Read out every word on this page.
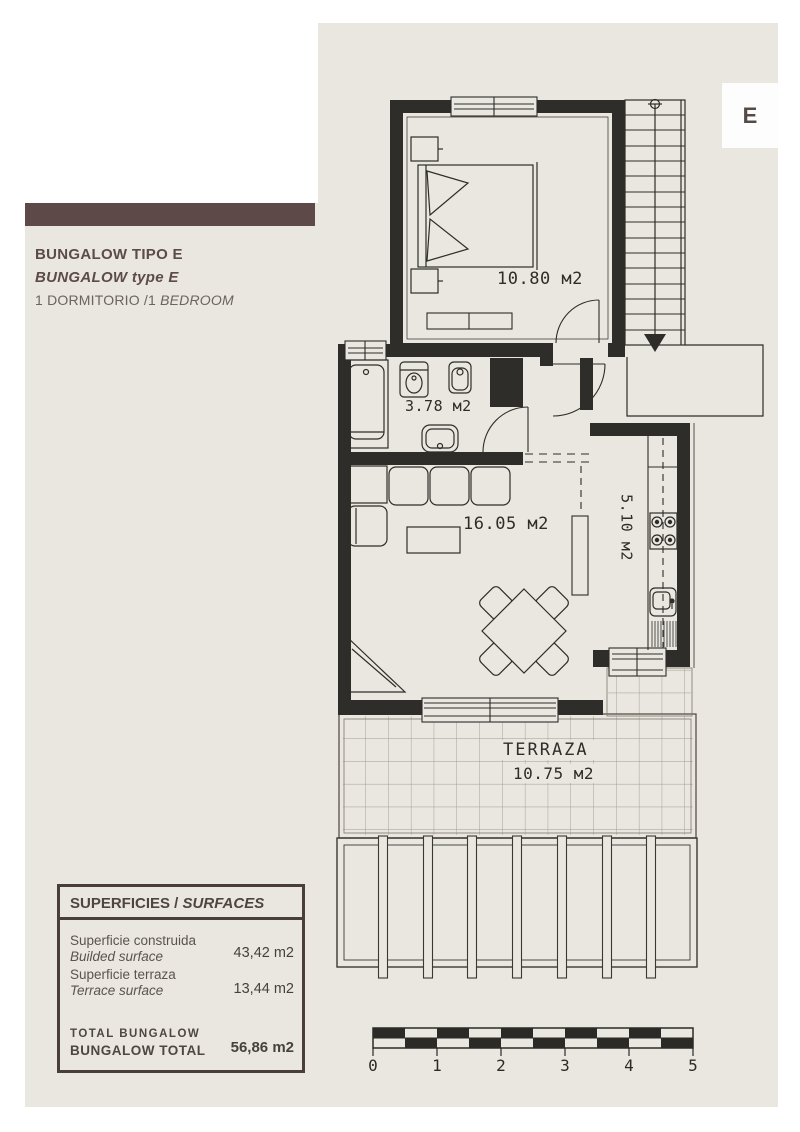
BUNGALOW TIPO E
BUNGALOW type E
1 DORMITORIO /1 BEDROOM
E
10.80 м2
3.78 м2
16.05 м2	5.10 м2
TERRAZA
10.75 м2
SUPERFICIES / SURFACES
Superficie construida
Builded surface	43,42 m2
Superficie terraza
Terrace surface	13,44 m2
TOTAL BUNGALOW
BUNGALOW TOTAL 56,86 m2
0	1	2	3	4	5
